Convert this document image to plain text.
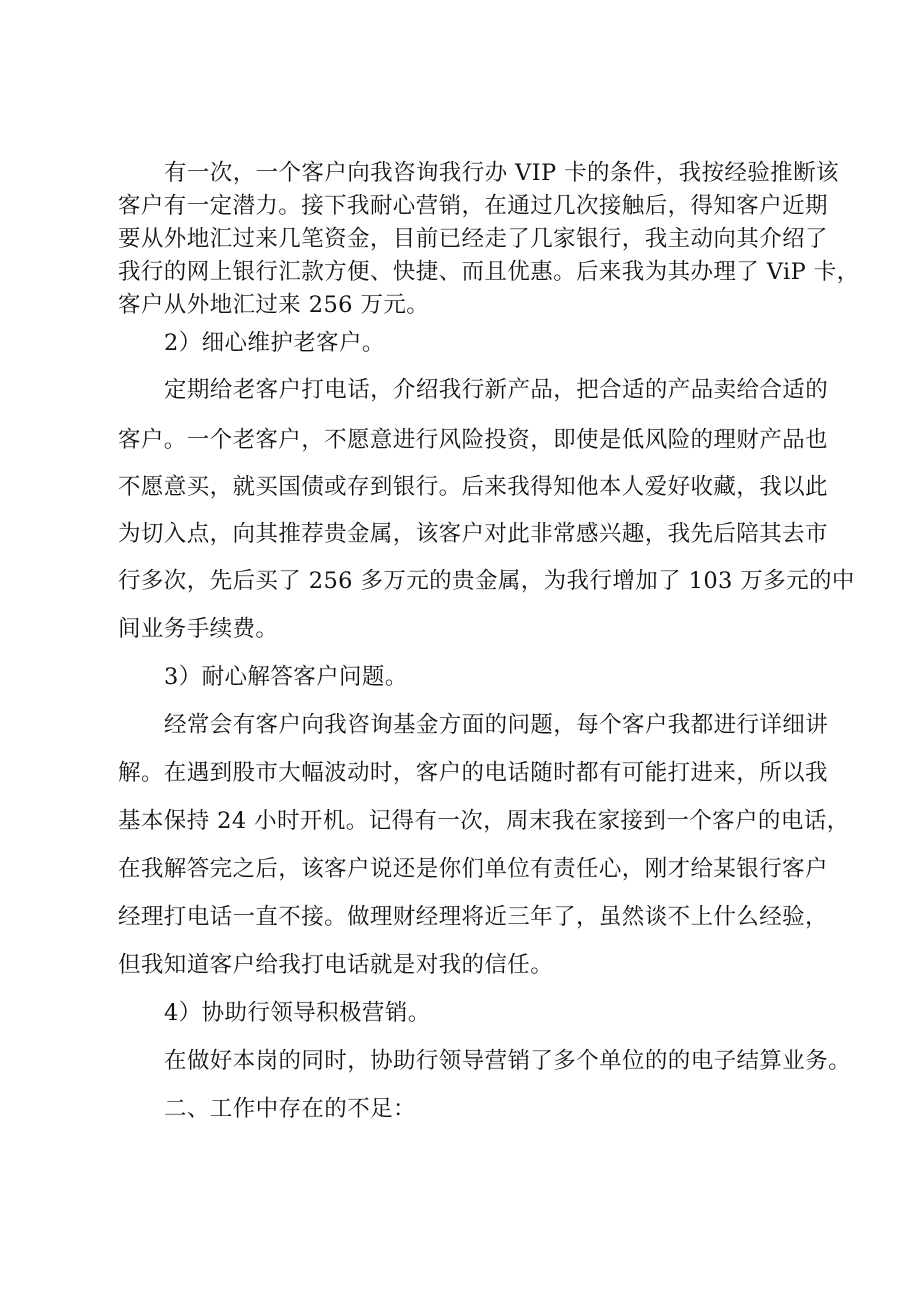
有一次，一个客户向我咨询我行办 VIP 卡的条件，我按经验推断该
客户有一定潜力。接下我耐心营销，在通过几次接触后，得知客户近期
要从外地汇过来几笔资金，目前已经走了几家银行，我主动向其介绍了
我行的网上银行汇款方便、快捷、而且优惠。后来我为其办理了 ViP 卡，
客户从外地汇过来 256 万元。
2）细心维护老客户。
定期给老客户打电话，介绍我行新产品，把合适的产品卖给合适的
客户。一个老客户，不愿意进行风险投资，即使是低风险的理财产品也
不愿意买，就买国债或存到银行。后来我得知他本人爱好收藏，我以此
为切入点，向其推荐贵金属，该客户对此非常感兴趣，我先后陪其去市
行多次，先后买了 256 多万元的贵金属，为我行增加了 103 万多元的中
间业务手续费。
3）耐心解答客户问题。
经常会有客户向我咨询基金方面的问题，每个客户我都进行详细讲
解。在遇到股市大幅波动时，客户的电话随时都有可能打进来，所以我
基本保持 24 小时开机。记得有一次，周末我在家接到一个客户的电话，
在我解答完之后，该客户说还是你们单位有责任心，刚才给某银行客户
经理打电话一直不接。做理财经理将近三年了，虽然谈不上什么经验，
但我知道客户给我打电话就是对我的信任。
4）协助行领导积极营销。
在做好本岗的同时，协助行领导营销了多个单位的的电子结算业务。
二、工作中存在的不足：
